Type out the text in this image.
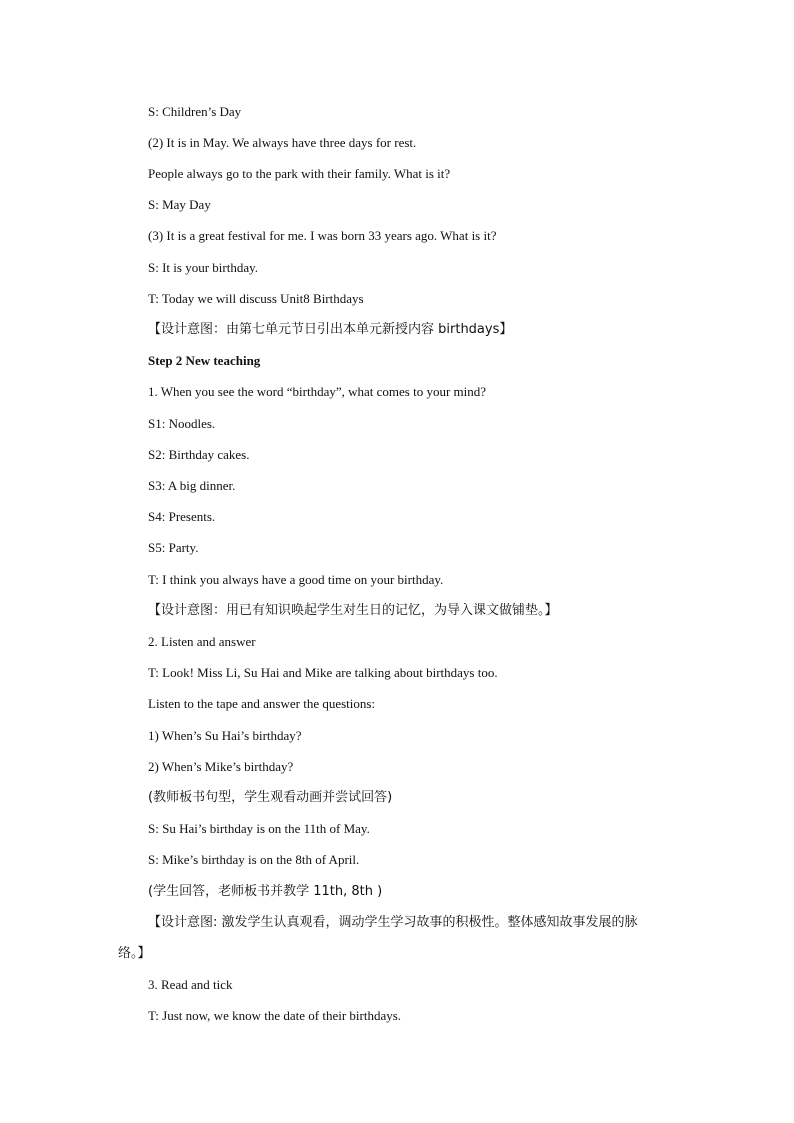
S: Children’s Day
(2) It is in May. We always have three days for rest.
People always go to the park with their family. What is it?
S: May Day
(3) It is a great festival for me. I was born 33 years ago. What is it?
S: It is your birthday.
T: Today we will discuss Unit8 Birthdays
【设计意图：由第七单元节日引出本单元新授内容 birthdays】
Step 2 New teaching
1. When you see the word “birthday”, what comes to your mind?
S1: Noodles.
S2: Birthday cakes.
S3: A big dinner.
S4: Presents.
S5: Party.
T: I think you always have a good time on your birthday.
【设计意图：用已有知识唤起学生对生日的记忆，为导入课文做铺垫。】
2. Listen and answer
T: Look! Miss Li, Su Hai and Mike are talking about birthdays too.
Listen to the tape and answer the questions:
1) When’s Su Hai’s birthday?
2) When’s Mike’s birthday?
(教师板书句型，学生观看动画并尝试回答)
S: Su Hai’s birthday is on the 11th of May.
S: Mike’s birthday is on the 8th of April.
(学生回答，老师板书并教学 11th, 8th )
【设计意图: 激发学生认真观看，调动学生学习故事的积极性。整体感知故事发展的脉
络。】
3. Read and tick
T: Just now, we know the date of their birthdays.
